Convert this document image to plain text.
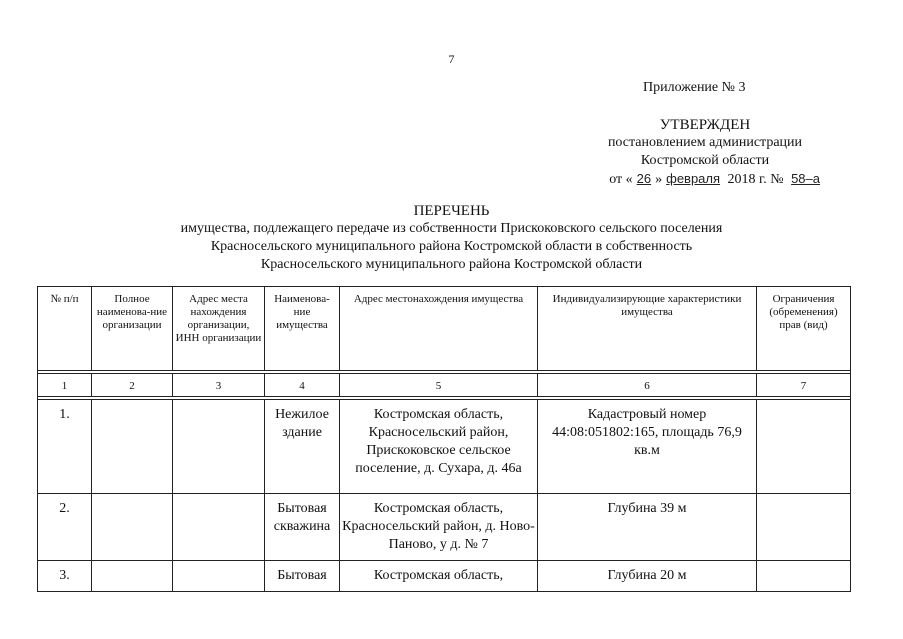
7
Приложение № 3
УТВЕРЖДЕН
постановлением администрации
Костромской области
от « 26 » февраля 2018 г. № 58–а
ПЕРЕЧЕНЬ
имущества, подлежащего передаче из собственности Прискоковского сельского поселения
Красносельского муниципального района Костромской области в собственность
Красносельского муниципального района Костромской области
№ п/п	Полное наименова-ние организации	Адрес места нахождения организации, ИНН организации	Наименова-ние имущества	Адрес местонахождения имущества	Индивидуализирующие характеристики имущества	Ограничения (обременения) прав (вид)

1	2	3	4	5	6	7

1.			Нежилое здание	Костромская область, Красносельский район, Прискоковское сельское поселение, д. Сухара, д. 46а	Кадастровый номер 44:08:051802:165, площадь 76,9 кв.м	
2.			Бытовая скважина	Костромская область, Красносельский район, д. Ново-Паново, у д. № 7	Глубина 39 м	
3.			Бытовая	Костромская область,	Глубина 20 м	
